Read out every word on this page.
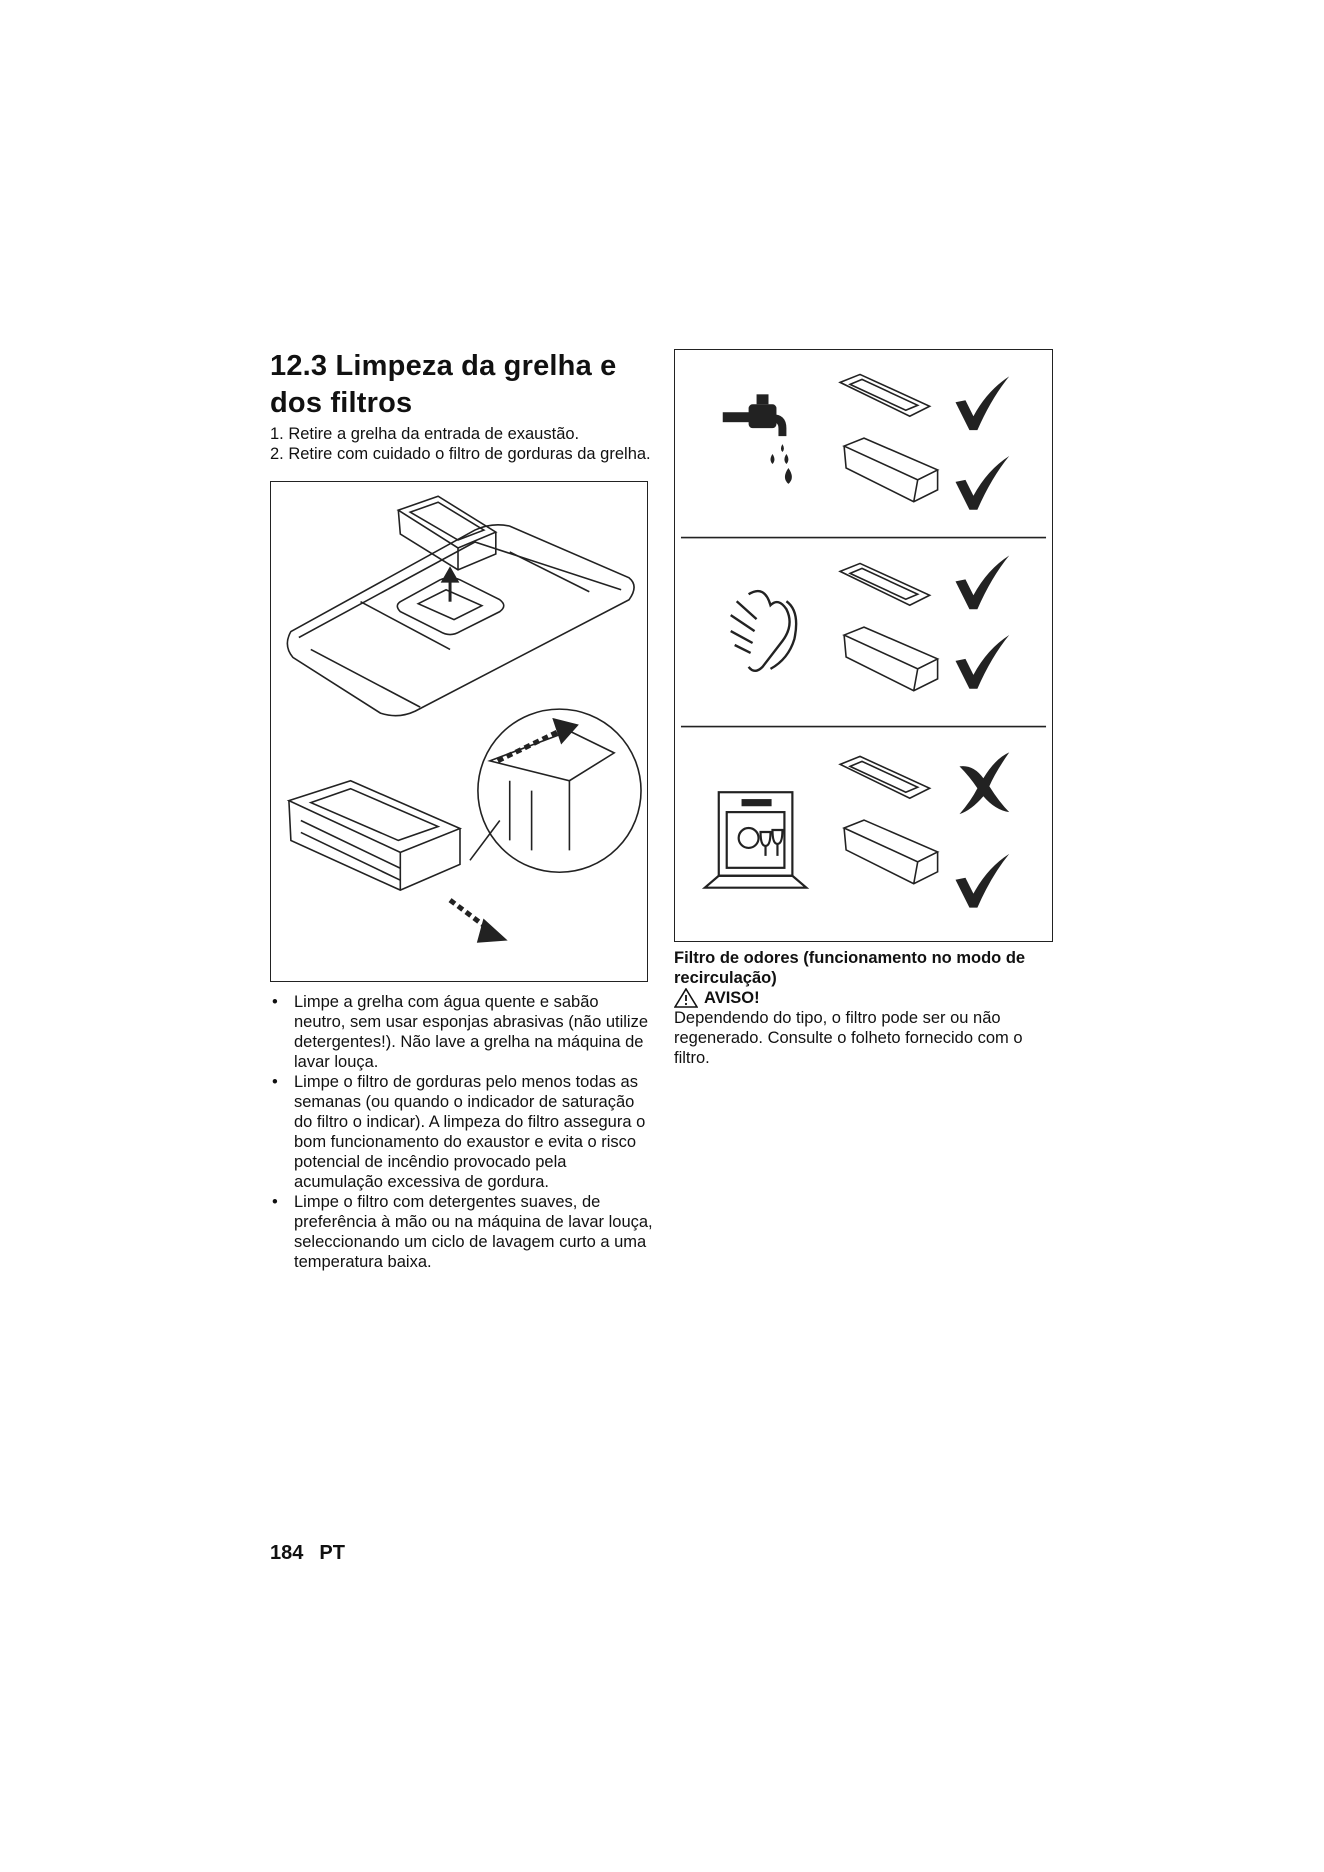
12.3 Limpeza da grelha e dos filtros
1. Retire a grelha da entrada de exaustão.
2. Retire com cuidado o filtro de gorduras da grelha.
• Limpe a grelha com água quente e sabão neutro, sem usar esponjas abrasivas (não utilize detergentes!). Não lave a grelha na máquina de lavar louça.
• Limpe o filtro de gorduras pelo menos todas as semanas (ou quando o indicador de saturação do filtro o indicar). A limpeza do filtro assegura o bom funcionamento do exaustor e evita o risco potencial de incêndio provocado pela acumulação excessiva de gordura.
• Limpe o filtro com detergentes suaves, de preferência à mão ou na máquina de lavar louça, seleccionando um ciclo de lavagem curto a uma temperatura baixa.

Filtro de odores (funcionamento no modo de recirculação)

AVISO!

Dependendo do tipo, o filtro pode ser ou não regenerado. Consulte o folheto fornecido com o filtro.

184 PT
